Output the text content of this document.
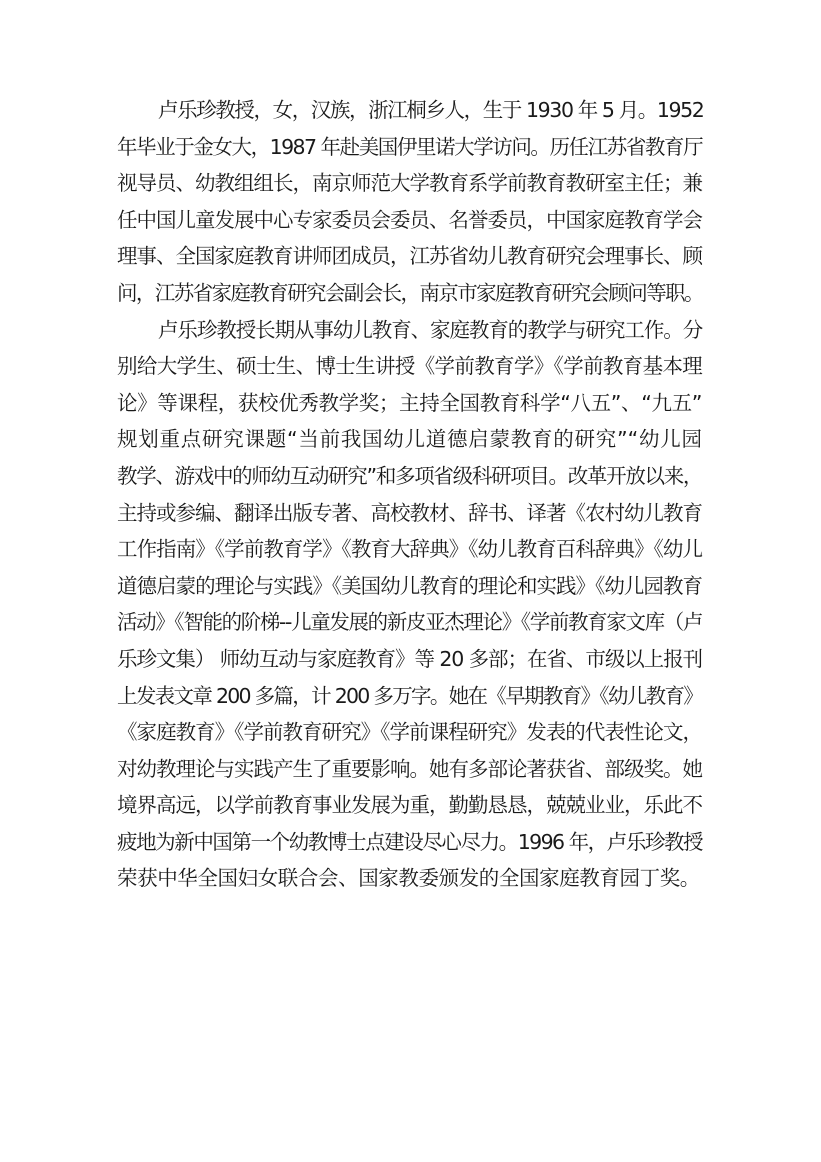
卢乐珍教授，女，汉族，浙江桐乡人，生于 1930 年 5 月。1952
年毕业于金女大，1987 年赴美国伊里诺大学访问。历任江苏省教育厅
视导员、幼教组组长，南京师范大学教育系学前教育教研室主任；兼
任中国儿童发展中心专家委员会委员、名誉委员，中国家庭教育学会
理事、全国家庭教育讲师团成员，江苏省幼儿教育研究会理事长、顾
问，江苏省家庭教育研究会副会长，南京市家庭教育研究会顾问等职。
卢乐珍教授长期从事幼儿教育、家庭教育的教学与研究工作。分
别给大学生、硕士生、博士生讲授《学前教育学》《学前教育基本理
论》等课程，获校优秀教学奖；主持全国教育科学“八五”、“九五”
规划重点研究课题“当前我国幼儿道德启蒙教育的研究”“幼儿园
教学、游戏中的师幼互动研究”和多项省级科研项目。改革开放以来，
主持或参编、翻译出版专著、高校教材、辞书、译著《农村幼儿教育
工作指南》《学前教育学》《教育大辞典》《幼儿教育百科辞典》《幼儿
道德启蒙的理论与实践》《美国幼儿教育的理论和实践》《幼儿园教育
活动》《智能的阶梯--儿童发展的新皮亚杰理论》《学前教育家文库（卢
乐珍文集） 师幼互动与家庭教育》等 20 多部；在省、市级以上报刊
上发表文章 200 多篇，计 200 多万字。她在《早期教育》《幼儿教育》
《家庭教育》《学前教育研究》《学前课程研究》发表的代表性论文，
对幼教理论与实践产生了重要影响。她有多部论著获省、部级奖。她
境界高远，以学前教育事业发展为重，勤勤恳恳，兢兢业业，乐此不
疲地为新中国第一个幼教博士点建设尽心尽力。1996 年，卢乐珍教授
荣获中华全国妇女联合会、国家教委颁发的全国家庭教育园丁奖。
